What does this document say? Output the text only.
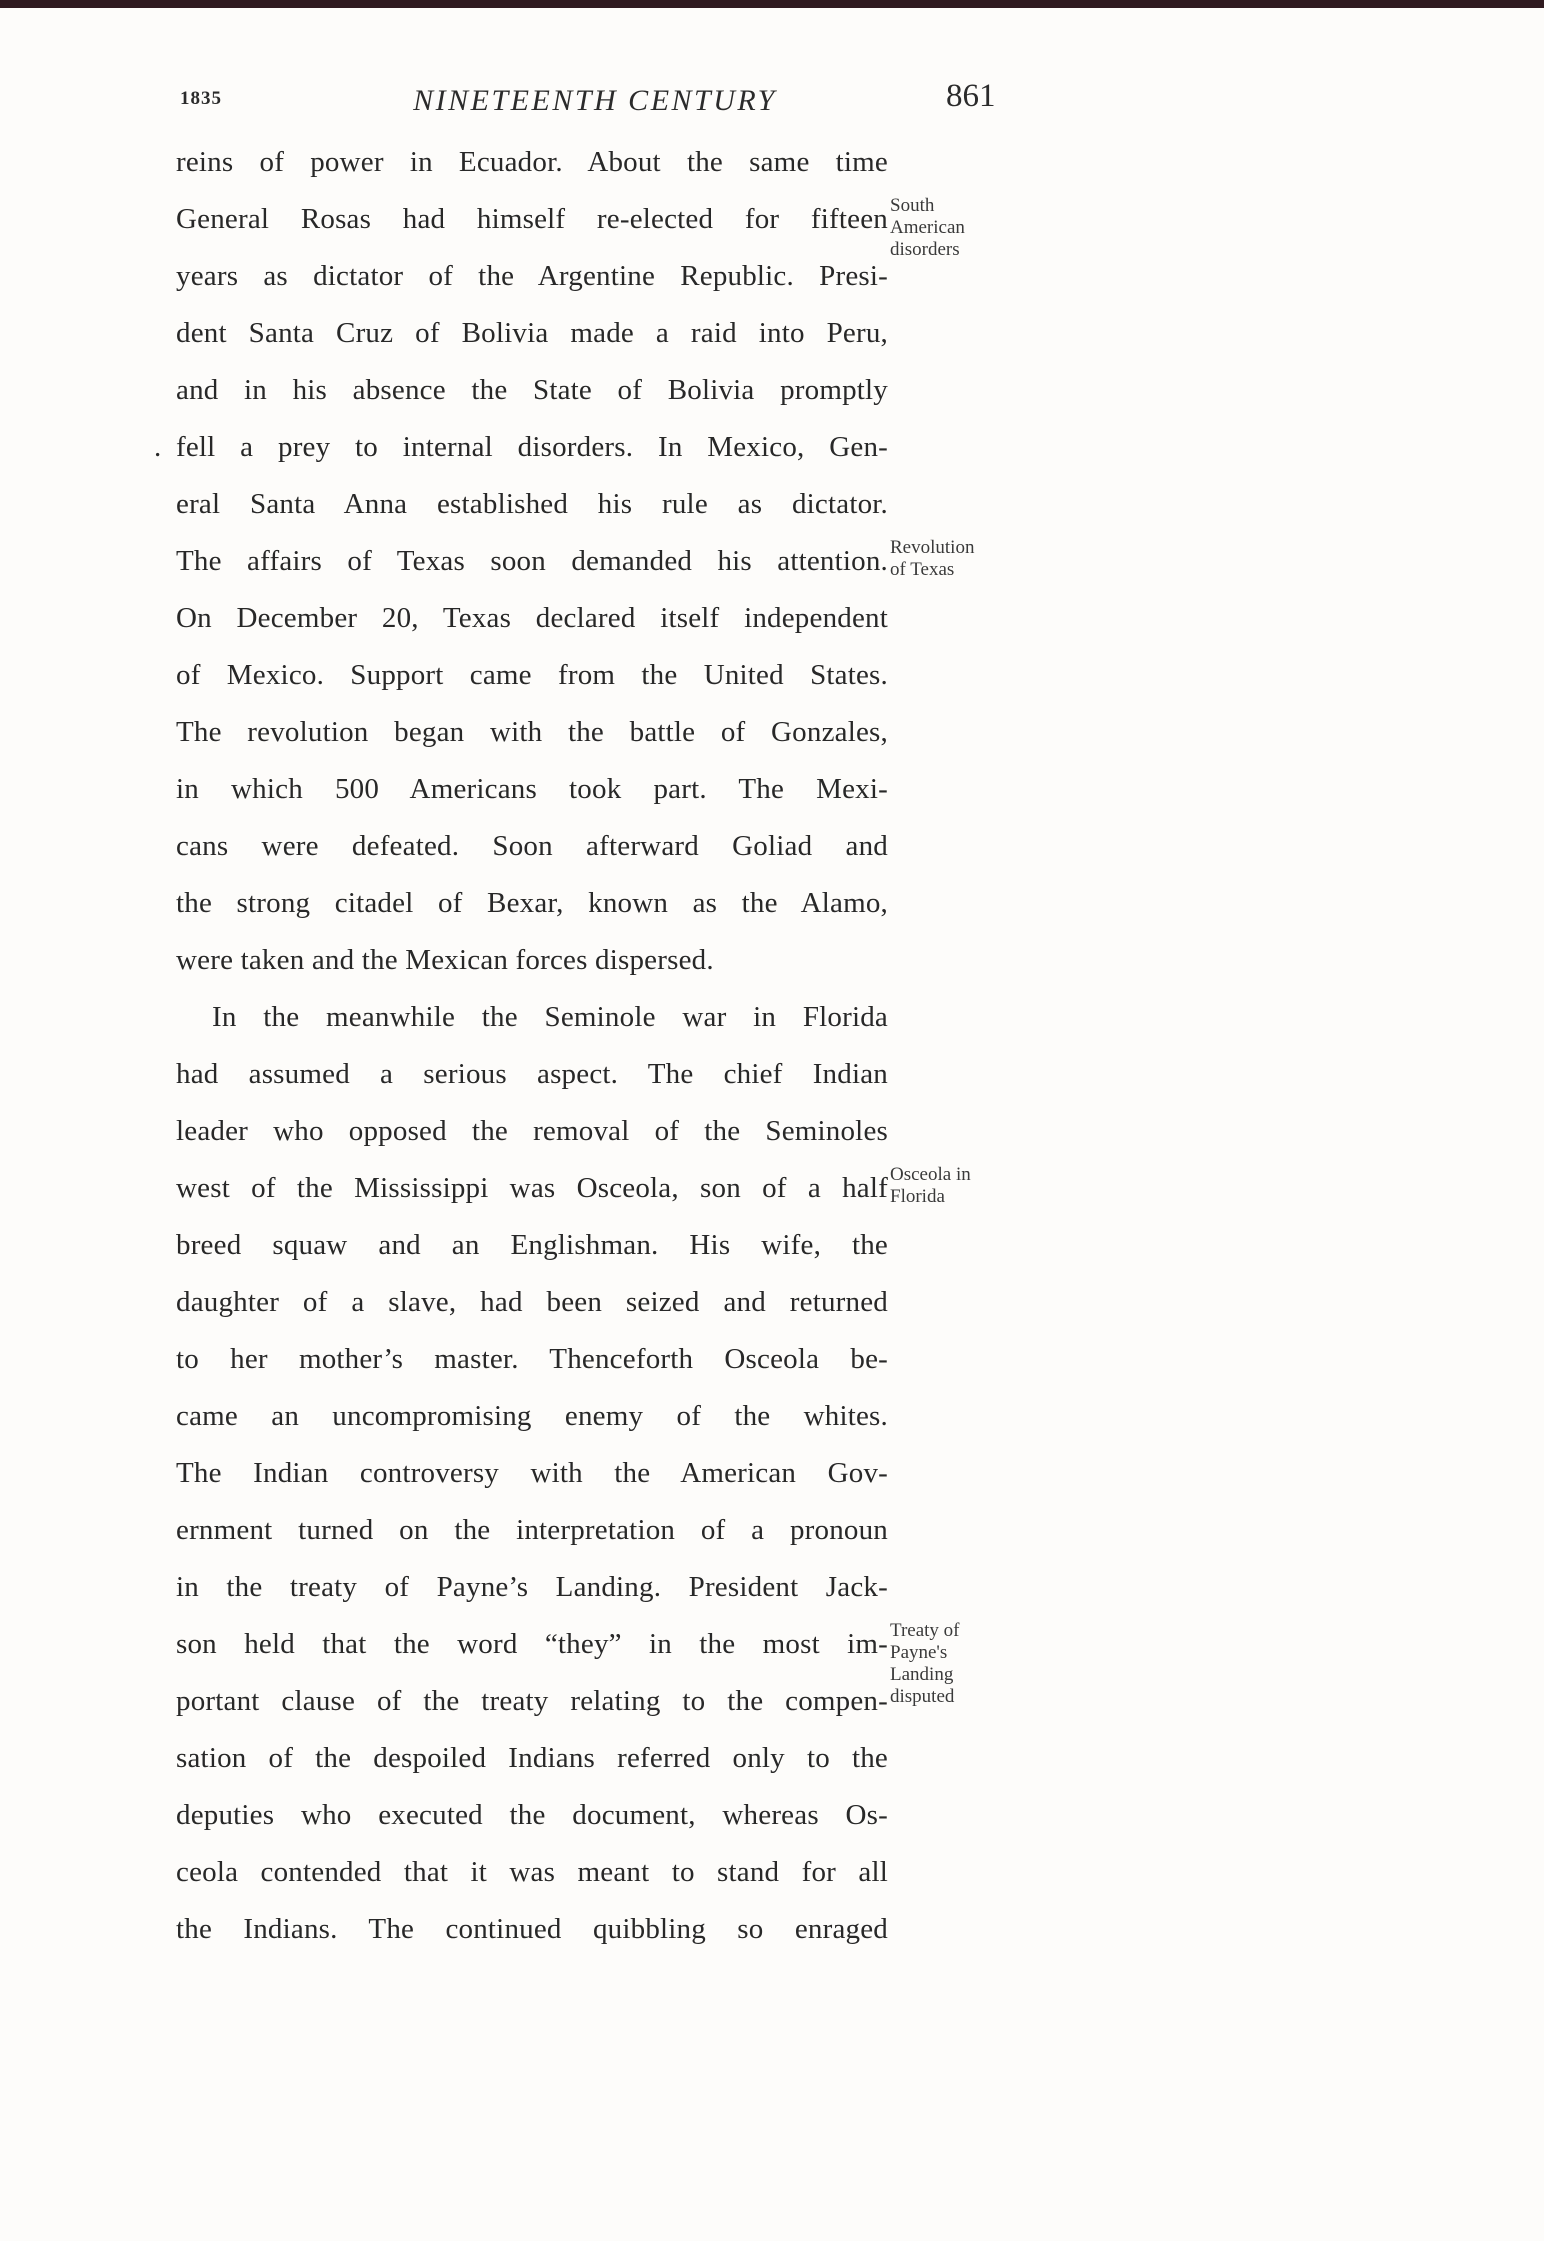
1835	NINETEENTH CENTURY	861
reins of power in Ecuador. About the same time
General Rosas had himself re-elected for fifteen
years as dictator of the Argentine Republic. Presi-
dent Santa Cruz of Bolivia made a raid into Peru,
and in his absence the State of Bolivia promptly
. fell a prey to internal disorders. In Mexico, Gen-
eral Santa Anna established his rule as dictator.
The affairs of Texas soon demanded his attention.
On December 20, Texas declared itself independent
of Mexico. Support came from the United States.
The revolution began with the battle of Gonzales,
in which 500 Americans took part. The Mexi-
cans were defeated. Soon afterward Goliad and
the strong citadel of Bexar, known as the Alamo,
were taken and the Mexican forces dispersed.
In the meanwhile the Seminole war in Florida
had assumed a serious aspect. The chief Indian
leader who opposed the removal of the Seminoles
west of the Mississippi was Osceola, son of a half
breed squaw and an Englishman. His wife, the
daughter of a slave, had been seized and returned
to her mother’s master. Thenceforth Osceola be-
came an uncompromising enemy of the whites.
The Indian controversy with the American Gov-
ernment turned on the interpretation of a pronoun
in the treaty of Payne’s Landing. President Jack-
son held that the word “they” in the most im-
portant clause of the treaty relating to the compen-
sation of the despoiled Indians referred only to the
deputies who executed the document, whereas Os-
ceola contended that it was meant to stand for all
the Indians. The continued quibbling so enraged
South
American
disorders
Revolution
of Texas
Osceola in
Florida
Treaty of
Payne's
Landing
disputed
